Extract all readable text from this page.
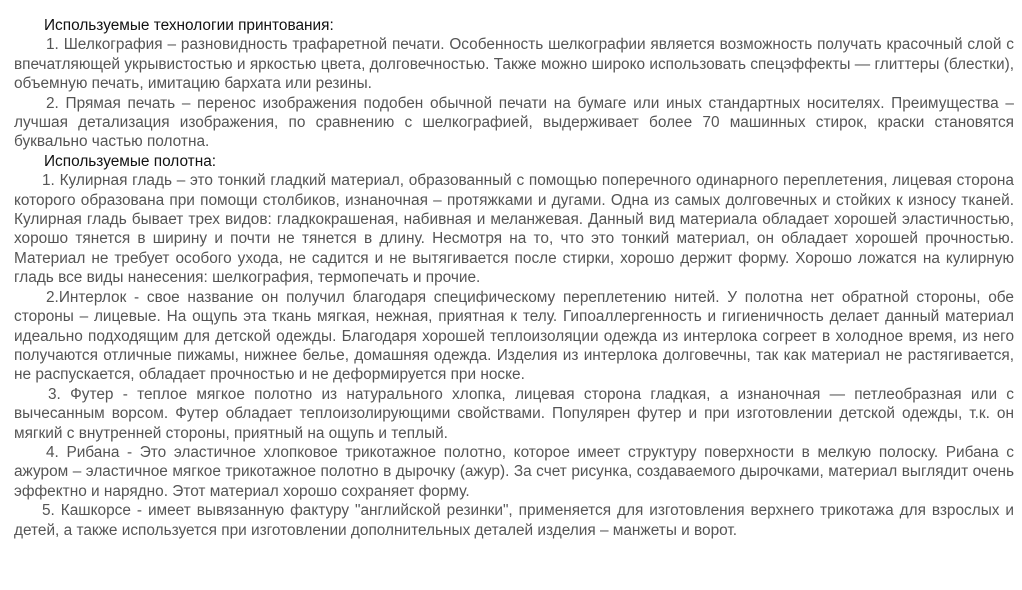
Используемые технологии принтования:

1. Шелкография – разновидность трафаретной печати. Особенность шелкографии является возможность получать красочный слой с впечатляющей укрывистостью и яркостью цвета, долговечностью. Также можно широко использовать спецэффекты — глиттеры (блестки), объемную печать, имитацию бархата или резины.

2. Прямая печать – перенос изображения подобен обычной печати на бумаге или иных стандартных носителях. Преимущества – лучшая детализация изображения, по сравнению с шелкографией, выдерживает более 70 машинных стирок, краски становятся буквально частью полотна.

Используемые полотна:

1. Кулирная гладь – это тонкий гладкий материал, образованный с помощью поперечного одинарного переплетения, лицевая сторона которого образована при помощи столбиков, изнаночная – протяжками и дугами. Одна из самых долговечных и стойких к износу тканей. Кулирная гладь бывает трех видов: гладкокрашеная, набивная и меланжевая. Данный вид материала обладает хорошей эластичностью, хорошо тянется в ширину и почти не тянется в длину. Несмотря на то, что это тонкий материал, он обладает хорошей прочностью. Материал не требует особого ухода, не садится и не вытягивается после стирки, хорошо держит форму. Хорошо ложатся на кулирную гладь все виды нанесения: шелкография, термопечать и прочие.

2.Интерлок - свое название он получил благодаря специфическому переплетению нитей. У полотна нет обратной стороны, обе стороны – лицевые. На ощупь эта ткань мягкая, нежная, приятная к телу. Гипоаллергенность и гигиеничность делает данный материал идеально подходящим для детской одежды. Благодаря хорошей теплоизоляции одежда из интерлока согреет в холодное время, из него получаются отличные пижамы, нижнее белье, домашняя одежда. Изделия из интерлока долговечны, так как материал не растягивается, не распускается, обладает прочностью и не деформируется при носке.

3. Футер - теплое мягкое полотно из натурального хлопка, лицевая сторона гладкая, а изнаночная — петлеобразная или с вычесанным ворсом. Футер обладает теплоизолирующими свойствами. Популярен футер и при изготовлении детской одежды, т.к. он мягкий с внутренней стороны, приятный на ощупь и теплый.

4. Рибана - Это эластичное хлопковое трикотажное полотно, которое имеет структуру поверхности в мелкую полоску. Рибана с ажуром – эластичное мягкое трикотажное полотно в дырочку (ажур). За счет рисунка, создаваемого дырочками, материал выглядит очень эффектно и нарядно. Этот материал хорошо сохраняет форму.

5. Кашкорсе - имеет вывязанную фактуру "английской резинки", применяется для изготовления верхнего трикотажа для взрослых и детей, а также используется при изготовлении дополнительных деталей изделия – манжеты и ворот.
